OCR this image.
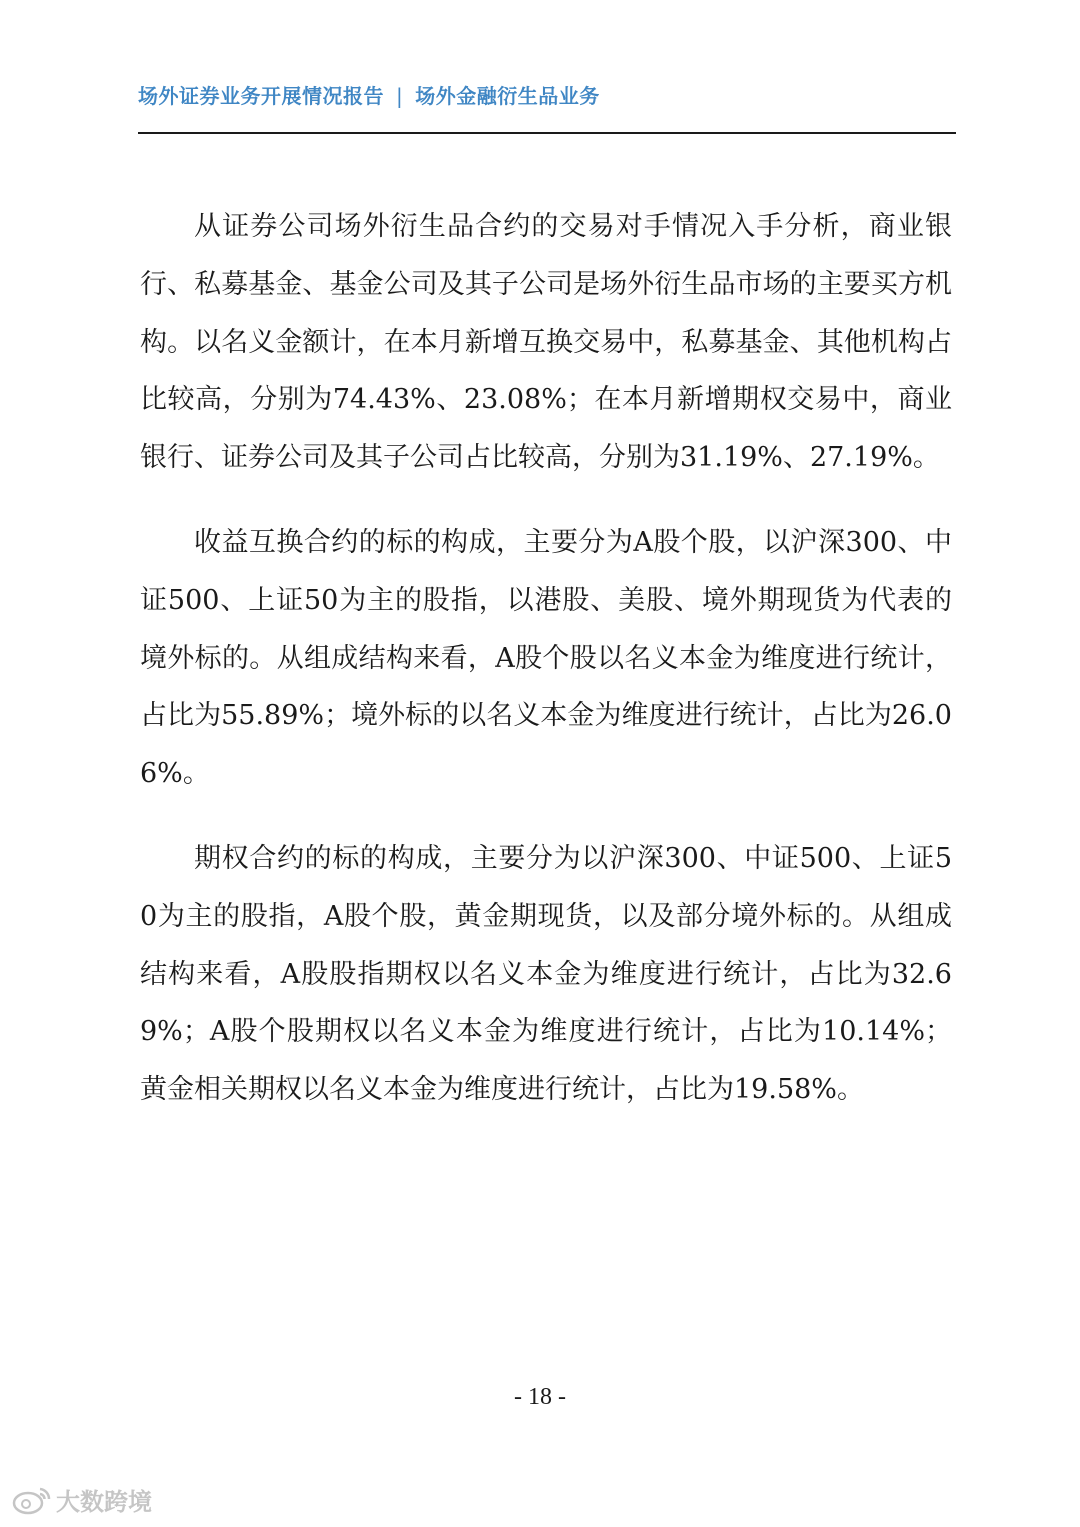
场外证券业务开展情况报告 | 场外金融衍生品业务

从证券公司场外衍生品合约的交易对手情况入手分析，商业银行、私募基金、基金公司及其子公司是场外衍生品市场的主要买方机构。以名义金额计，在本月新增互换交易中，私募基金、其他机构占比较高，分别为74.43%、23.08%；在本月新增期权交易中，商业银行、证券公司及其子公司占比较高，分别为31.19%、27.19%。

收益互换合约的标的构成，主要分为A股个股，以沪深300、中证500、上证50为主的股指，以港股、美股、境外期现货为代表的境外标的。从组成结构来看，A股个股以名义本金为维度进行统计，占比为55.89%；境外标的以名义本金为维度进行统计，占比为26.06%。

期权合约的标的构成，主要分为以沪深300、中证500、上证50为主的股指，A股个股，黄金期现货，以及部分境外标的。从组成结构来看，A股股指期权以名义本金为维度进行统计，占比为32.69%；A股个股期权以名义本金为维度进行统计，占比为10.14%；黄金相关期权以名义本金为维度进行统计，占比为19.58%。

- 18 -
大数跨境
